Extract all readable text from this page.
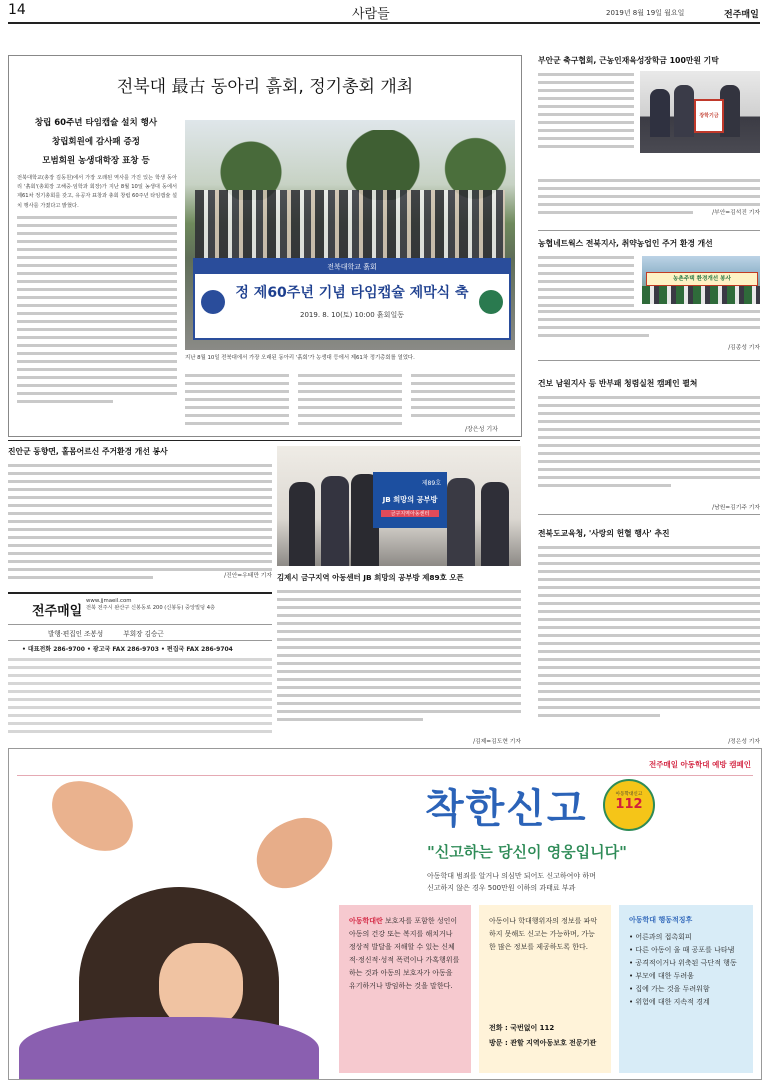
14	사람들	2019년 8월 19일 월요일	전주매일
전북대 最古 동아리 흙회, 정기총회 개최
창립 60주년 타임캡슐 설치 행사
창립회원에 감사패 증정
모범회원 농생대학장 표창 등
전북대학교(총장 김동원)에서 가장 오래된 역사를 가진 있는 학생 동아리 '흙회'(총회장 고해중·임학과 회장)가 지난 8월 10일 농생대 동에서 제61차 정기총회를 갖고, 유공자 표창과 총회 창립 60주년 타임캡슐 설치 행사를 가졌다고 밝혔다.
전북대학교 흙회
정 제60주년 기념 타임캡슐 제막식 축
2019. 8. 10(토) 10:00 흙회일동
지난 8월 10일 전북대에서 가장 오래된 동아리 '흙회'가 농생대 등에서 제61차 정기총회를 열었다.
/장은성 기자
부안군 축구협회, 근농인재육성장학금 100만원 기탁
장학기금
/부안=김석진 기자
농협네트웍스 전북지사, 취약농업인 주거 환경 개선
농촌주택 환경개선 봉사
/김종성 기자
건보 남원지사 등 반부패 청렴실천 캠페인 펼쳐
/남원=김기주 기자
전북도교육청, '사랑의 헌혈 행사' 추진
/정은성 기자
진안군 동향면, 홀몸어르신 주거환경 개선 봉사
/진안=우태만 기자
전주매일
www.jjmaeil.com
전북 전주시 완산구 신봉동로 200 (신봉동) 중앙빌딩 4층
발행·편집인 조봉성	부회장 김승근
• 대표전화 286-9700 • 광고국 FAX 286-9703 • 편집국 FAX 286-9704
제89호
JB 희망의 공부방
금구지역아동센터
김제시 금구지역 아동센터 JB 희망의 공부방 제89호 오픈
/김제=김도현 기자
전주매일 아동학대 예방 캠페인
착한신고	아동학대신고
112
"신고하는 당신이 영웅입니다"
아동학대 범죄를 알거나 의심만 되어도 신고하여야 하며
신고하지 않은 경우 500만원 이하의 과태료 부과
아동학대란 보호자를 포함한 성인이 아동의 건강 또는 복지를 해치거나 정상적 발달을 저해할 수 있는 신체적·정신적·성적 폭력이나 가혹행위를 하는 것과 아동의 보호자가 아동을 유기하거나 방임하는 것을 말한다.
아동이나 학대행위자의 정보를 파악하지 못해도 신고는 가능하며, 가능한 많은 정보를 제공하도록 한다.
전화 : 국번없이 112
방문 : 관할 지역아동보호 전문기관
아동학대 행동적징후
• 어른과의 접촉회피
• 다른 아동이 울 때 공포를 나타냄
• 공격적이거나 위축된 극단적 행동
• 부모에 대한 두려움
• 집에 가는 것을 두려워함
• 위험에 대한 지속적 경계
